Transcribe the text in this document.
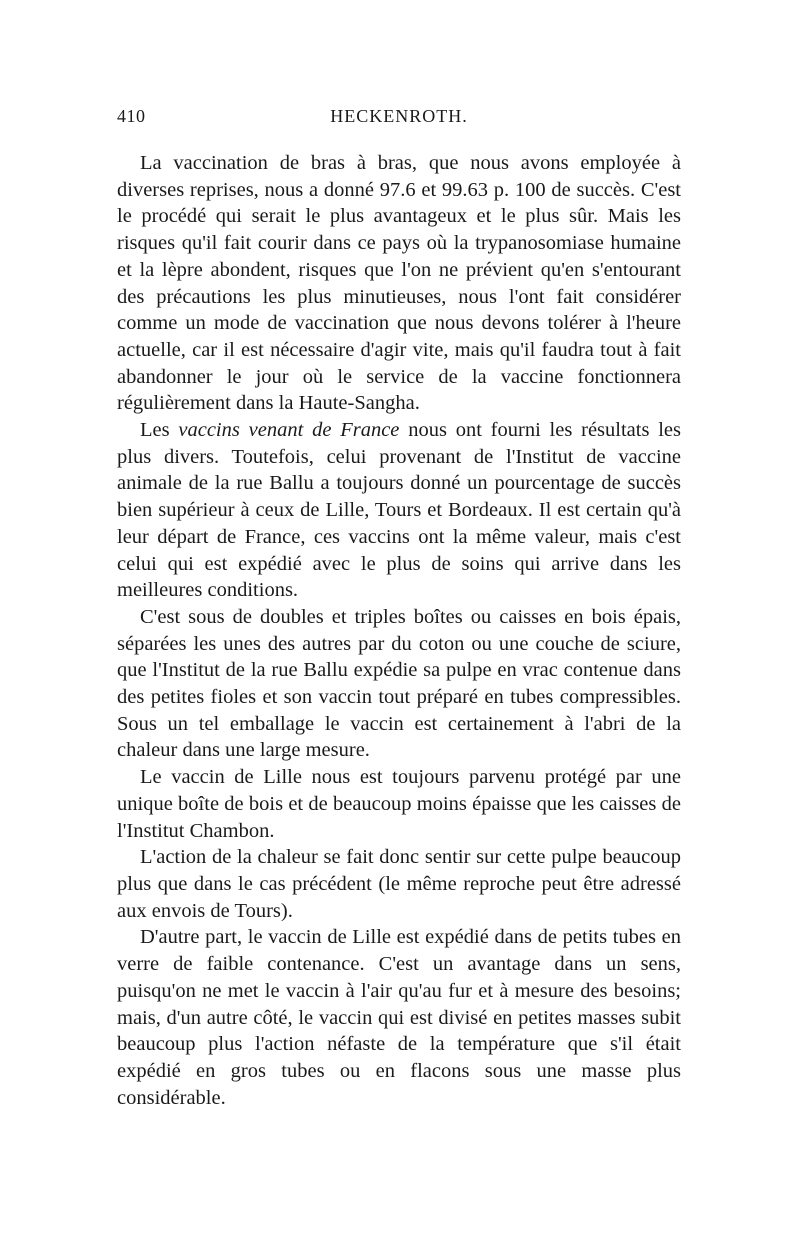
410	HECKENROTH.

La vaccination de bras à bras, que nous avons employée à diverses reprises, nous a donné 97.6 et 99.63 p. 100 de succès. C'est le procédé qui serait le plus avantageux et le plus sûr. Mais les risques qu'il fait courir dans ce pays où la trypanosomiase humaine et la lèpre abondent, risques que l'on ne prévient qu'en s'entourant des précautions les plus minutieuses, nous l'ont fait considérer comme un mode de vaccination que nous devons tolérer à l'heure actuelle, car il est nécessaire d'agir vite, mais qu'il faudra tout à fait abandonner le jour où le service de la vaccine fonctionnera régulièrement dans la Haute-Sangha.

Les vaccins venant de France nous ont fourni les résultats les plus divers. Toutefois, celui provenant de l'Institut de vaccine animale de la rue Ballu a toujours donné un pourcentage de succès bien supérieur à ceux de Lille, Tours et Bordeaux. Il est certain qu'à leur départ de France, ces vaccins ont la même valeur, mais c'est celui qui est expédié avec le plus de soins qui arrive dans les meilleures conditions.

C'est sous de doubles et triples boîtes ou caisses en bois épais, séparées les unes des autres par du coton ou une couche de sciure, que l'Institut de la rue Ballu expédie sa pulpe en vrac contenue dans des petites fioles et son vaccin tout préparé en tubes compressibles. Sous un tel emballage le vaccin est certainement à l'abri de la chaleur dans une large mesure.

Le vaccin de Lille nous est toujours parvenu protégé par une unique boîte de bois et de beaucoup moins épaisse que les caisses de l'Institut Chambon.

L'action de la chaleur se fait donc sentir sur cette pulpe beaucoup plus que dans le cas précédent (le même reproche peut être adressé aux envois de Tours).

D'autre part, le vaccin de Lille est expédié dans de petits tubes en verre de faible contenance. C'est un avantage dans un sens, puisqu'on ne met le vaccin à l'air qu'au fur et à mesure des besoins; mais, d'un autre côté, le vaccin qui est divisé en petites masses subit beaucoup plus l'action néfaste de la température que s'il était expédié en gros tubes ou en flacons sous une masse plus considérable.
